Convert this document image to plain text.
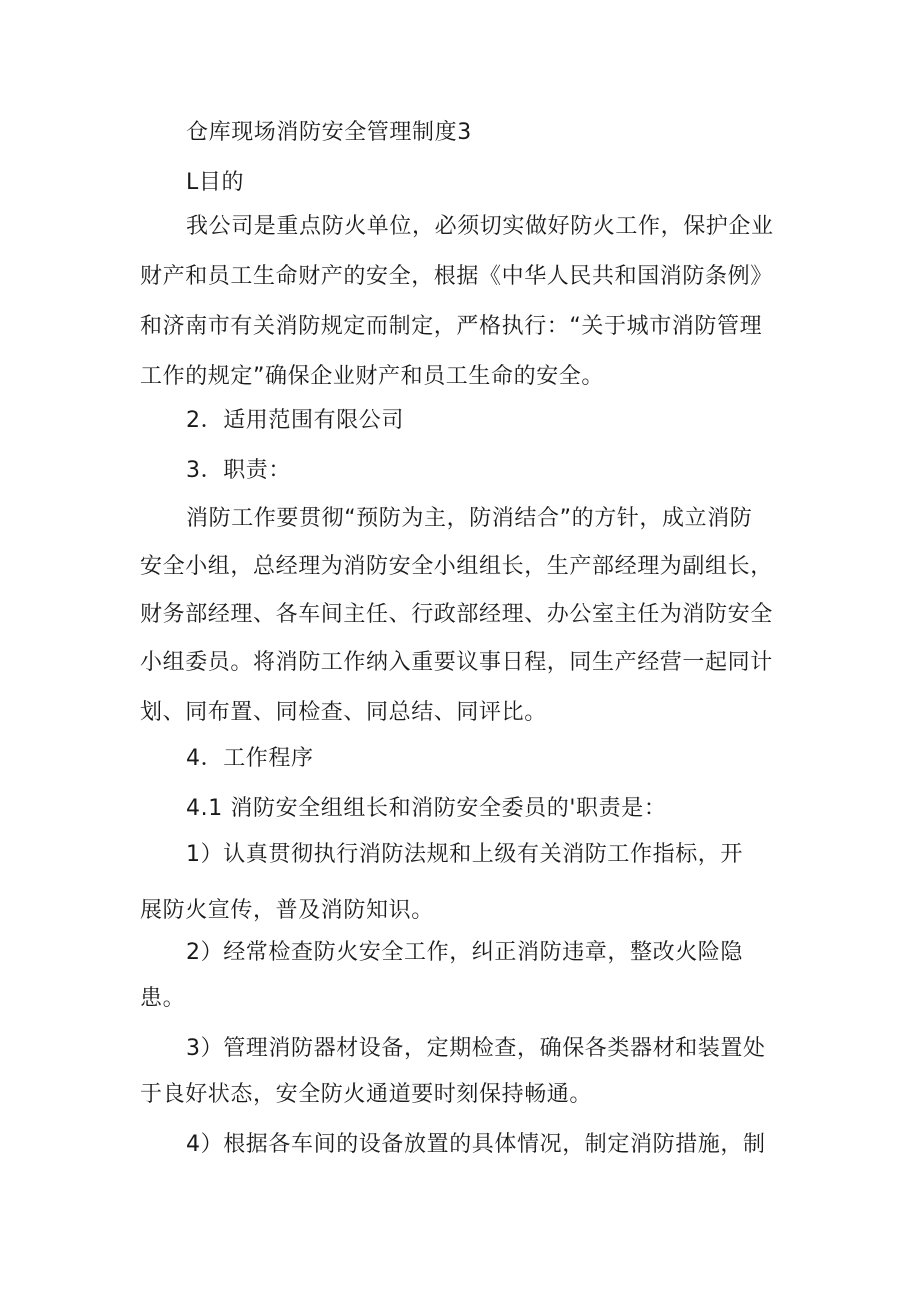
仓库现场消防安全管理制度3
L目的
我公司是重点防火单位，必须切实做好防火工作，保护企业
财产和员工生命财产的安全，根据《中华人民共和国消防条例》
和济南市有关消防规定而制定，严格执行：“关于城市消防管理
工作的规定”确保企业财产和员工生命的安全。
2．适用范围有限公司
3．职责：
消防工作要贯彻“预防为主，防消结合”的方针，成立消防
安全小组，总经理为消防安全小组组长，生产部经理为副组长，
财务部经理、各车间主任、行政部经理、办公室主任为消防安全
小组委员。将消防工作纳入重要议事日程，同生产经营一起同计
划、同布置、同检查、同总结、同评比。
4．工作程序
4.1 消防安全组组长和消防安全委员的'职责是：
1）认真贯彻执行消防法规和上级有关消防工作指标，开
展防火宣传，普及消防知识。
2）经常检查防火安全工作，纠正消防违章，整改火险隐
患。
3）管理消防器材设备，定期检查，确保各类器材和装置处
于良好状态，安全防火通道要时刻保持畅通。
4）根据各车间的设备放置的具体情况，制定消防措施，制
